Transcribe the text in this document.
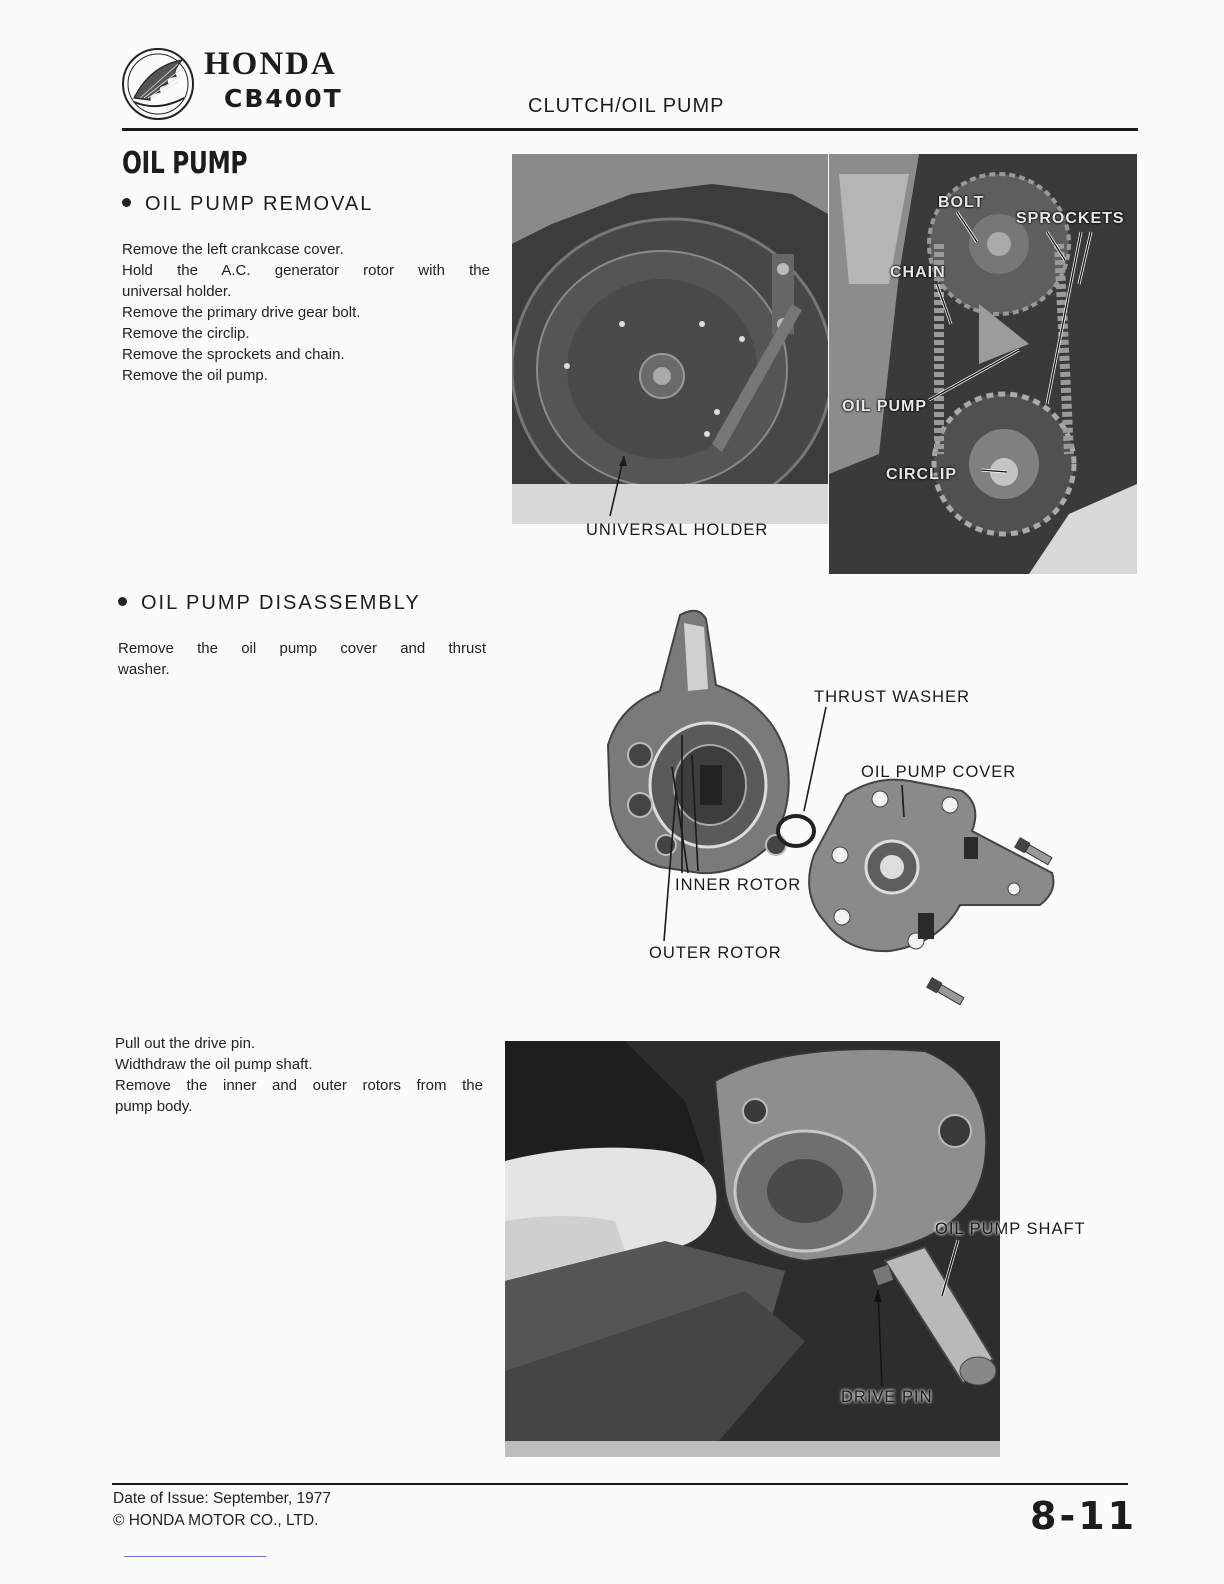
HONDA
CB400T	CLUTCH/OIL PUMP
OIL PUMP
OIL PUMP REMOVAL
Remove the left crankcase cover.
Hold the A.C. generator rotor with the
universal holder.
Remove the primary drive gear bolt.
Remove the circlip.
Remove the sprockets and chain.
Remove the oil pump.
OIL PUMP DISASSEMBLY
Remove the oil pump cover and thrust
washer.
Pull out the drive pin.
Widthdraw the oil pump shaft.
Remove the inner and outer rotors from the
pump body.
UNIVERSAL HOLDER
BOLT
SPROCKETS
CHAIN
OIL PUMP
CIRCLIP
THRUST WASHER
OIL PUMP COVER
INNER ROTOR
OUTER ROTOR
OIL PUMP SHAFT
DRIVE PIN
Date of Issue: September, 1977
© HONDA MOTOR CO., LTD.	8-11
